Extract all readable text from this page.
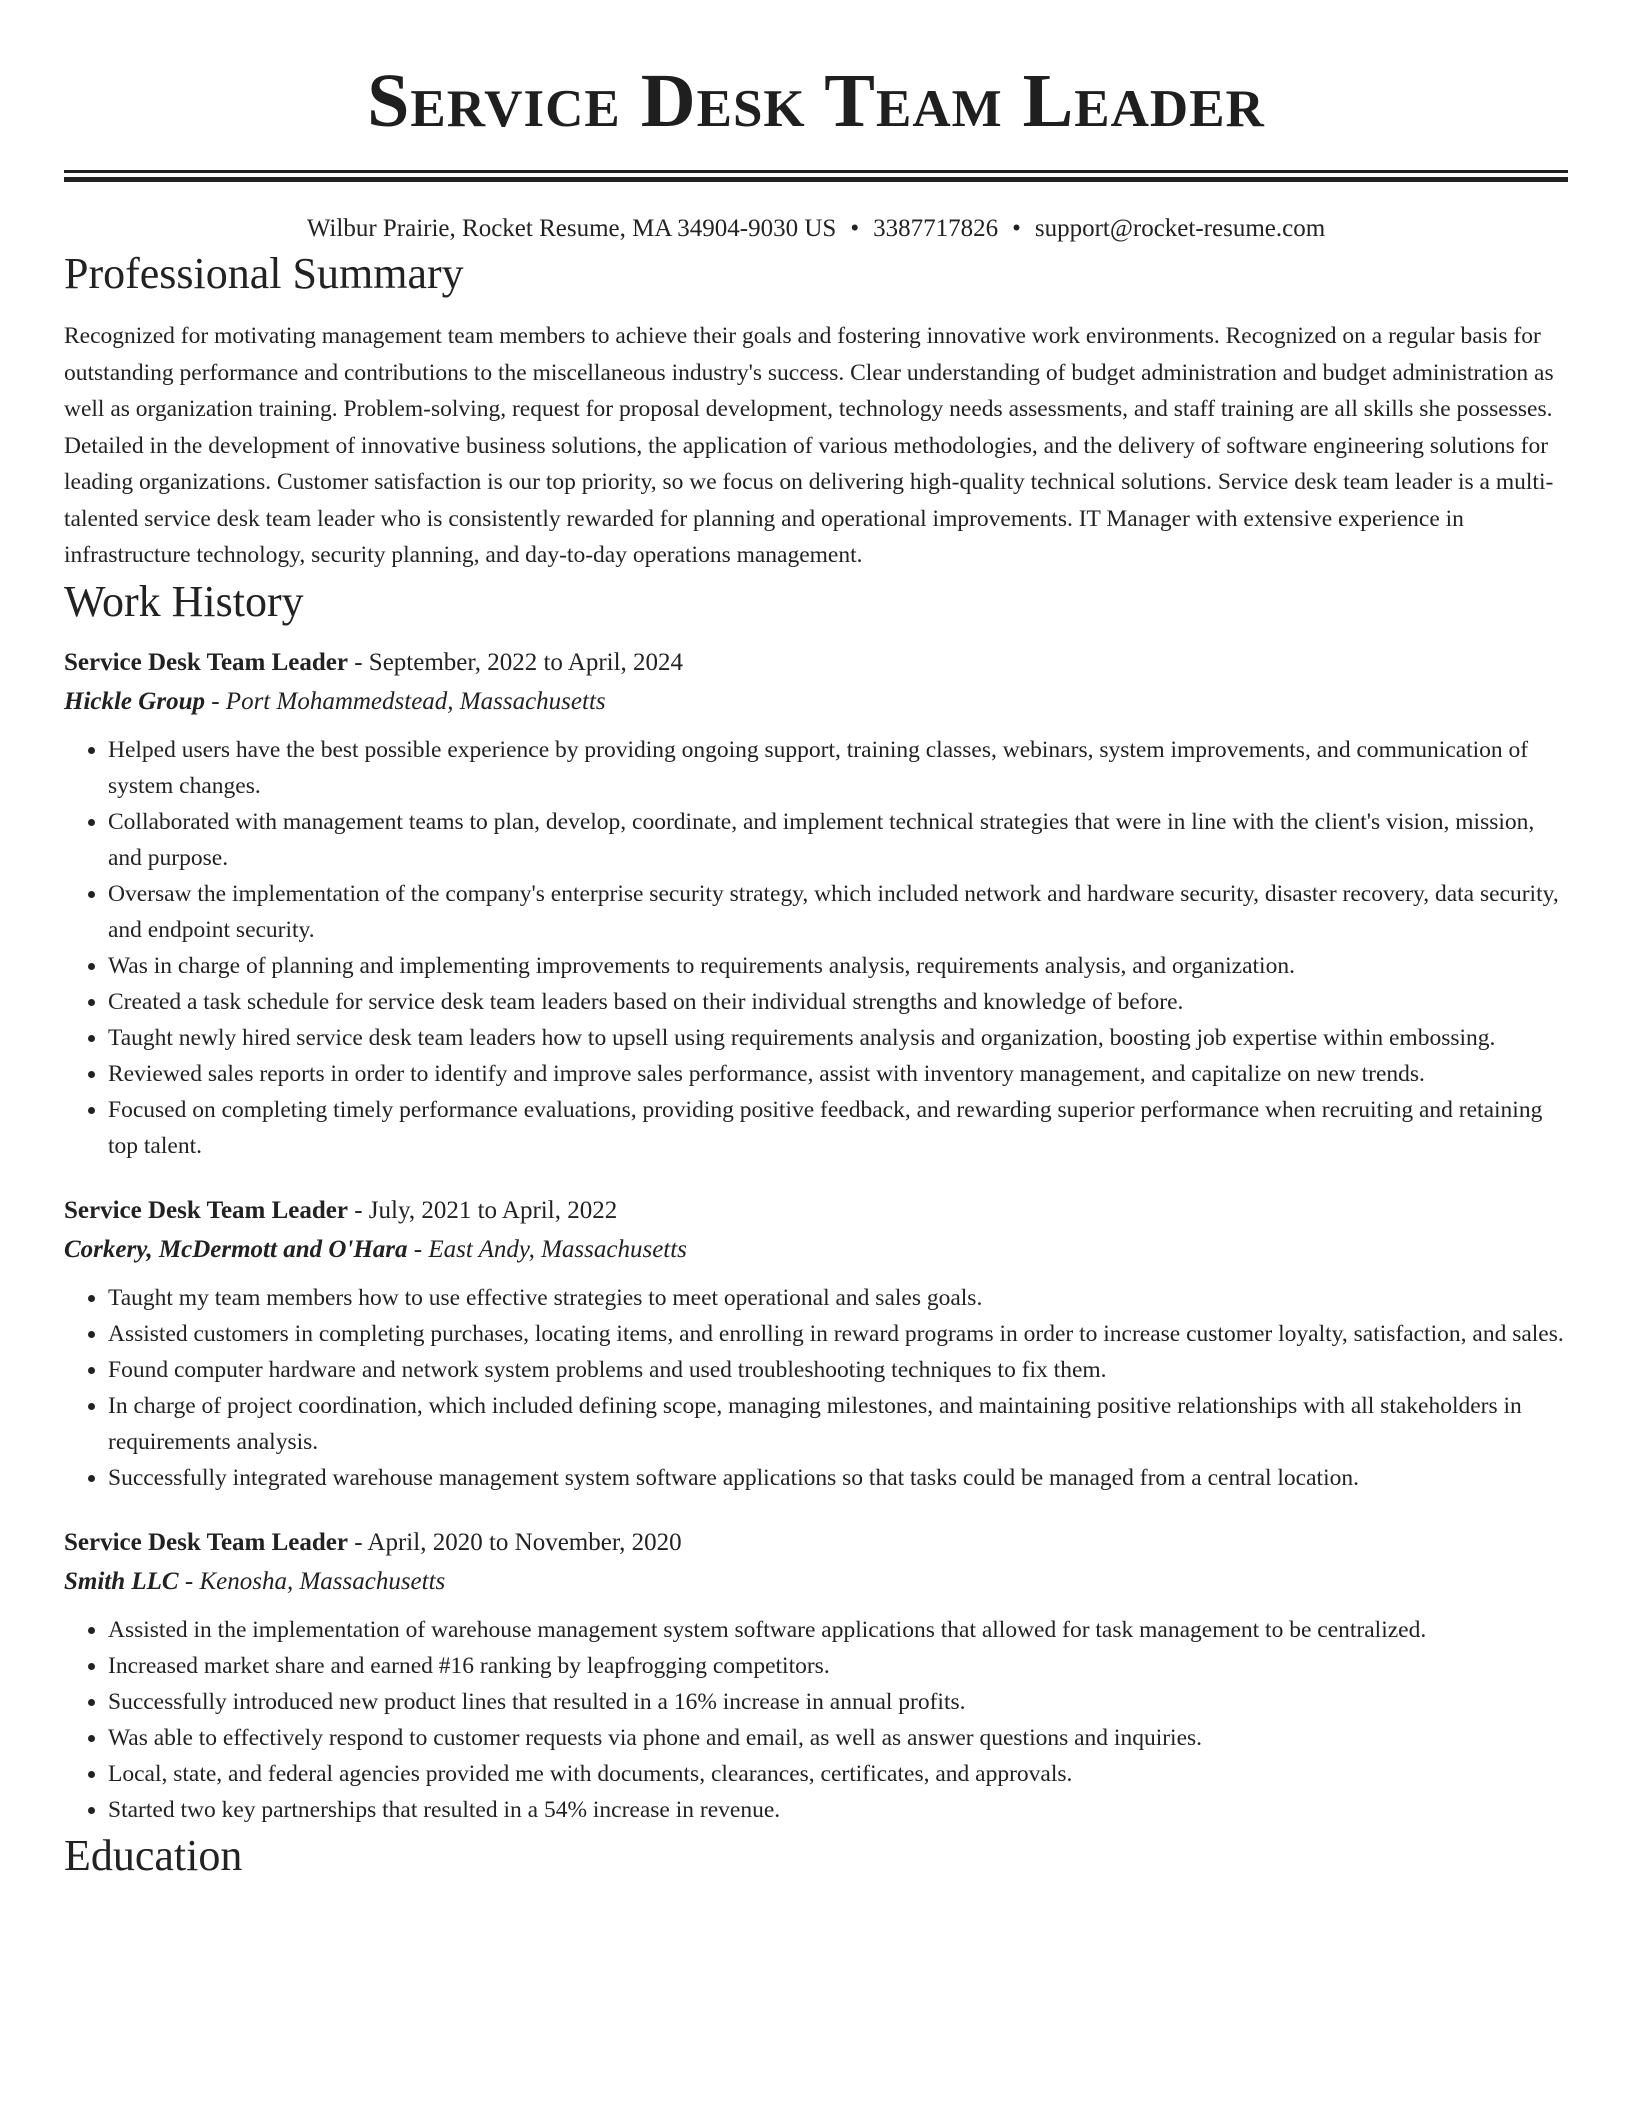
Service Desk Team Leader
Wilbur Prairie, Rocket Resume, MA 34904-9030 US • 3387717826 • support@rocket-resume.com
Professional Summary

Recognized for motivating management team members to achieve their goals and fostering innovative work environments. Recognized on a regular basis for outstanding performance and contributions to the miscellaneous industry's success. Clear understanding of budget administration and budget administration as well as organization training. Problem-solving, request for proposal development, technology needs assessments, and staff training are all skills she possesses. Detailed in the development of innovative business solutions, the application of various methodologies, and the delivery of software engineering solutions for leading organizations. Customer satisfaction is our top priority, so we focus on delivering high-quality technical solutions. Service desk team leader is a multi-talented service desk team leader who is consistently rewarded for planning and operational improvements. IT Manager with extensive experience in infrastructure technology, security planning, and day-to-day operations management.

Work History
Service Desk Team Leader - September, 2022 to April, 2024
Hickle Group - Port Mohammedstead, Massachusetts
• Helped users have the best possible experience by providing ongoing support, training classes, webinars, system improvements, and communication of system changes.
• Collaborated with management teams to plan, develop, coordinate, and implement technical strategies that were in line with the client's vision, mission, and purpose.
• Oversaw the implementation of the company's enterprise security strategy, which included network and hardware security, disaster recovery, data security, and endpoint security.
• Was in charge of planning and implementing improvements to requirements analysis, requirements analysis, and organization.
• Created a task schedule for service desk team leaders based on their individual strengths and knowledge of before.
• Taught newly hired service desk team leaders how to upsell using requirements analysis and organization, boosting job expertise within embossing.
• Reviewed sales reports in order to identify and improve sales performance, assist with inventory management, and capitalize on new trends.
• Focused on completing timely performance evaluations, providing positive feedback, and rewarding superior performance when recruiting and retaining top talent.
Service Desk Team Leader - July, 2021 to April, 2022
Corkery, McDermott and O'Hara - East Andy, Massachusetts
• Taught my team members how to use effective strategies to meet operational and sales goals.
• Assisted customers in completing purchases, locating items, and enrolling in reward programs in order to increase customer loyalty, satisfaction, and sales.
• Found computer hardware and network system problems and used troubleshooting techniques to fix them.
• In charge of project coordination, which included defining scope, managing milestones, and maintaining positive relationships with all stakeholders in requirements analysis.
• Successfully integrated warehouse management system software applications so that tasks could be managed from a central location.
Service Desk Team Leader - April, 2020 to November, 2020
Smith LLC - Kenosha, Massachusetts
• Assisted in the implementation of warehouse management system software applications that allowed for task management to be centralized.
• Increased market share and earned #16 ranking by leapfrogging competitors.
• Successfully introduced new product lines that resulted in a 16% increase in annual profits.
• Was able to effectively respond to customer requests via phone and email, as well as answer questions and inquiries.
• Local, state, and federal agencies provided me with documents, clearances, certificates, and approvals.
• Started two key partnerships that resulted in a 54% increase in revenue.
Education
